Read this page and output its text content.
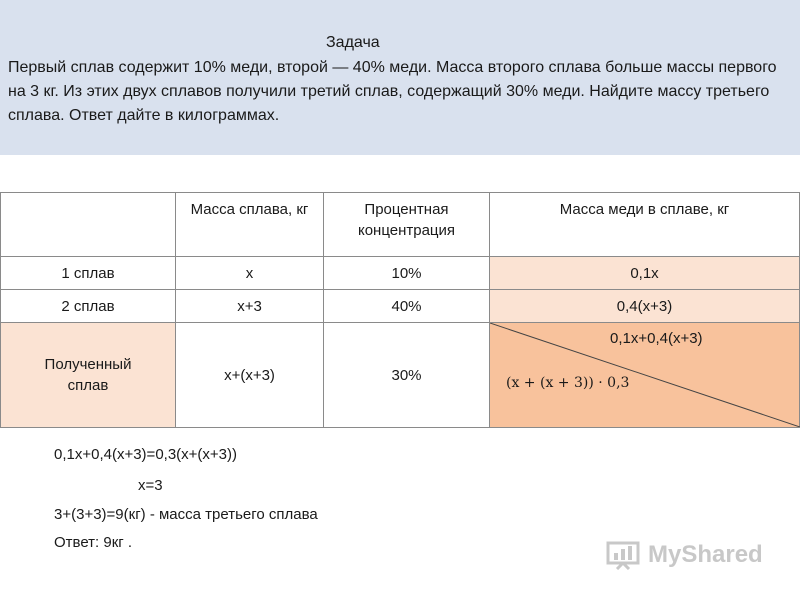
Задача
Первый сплав содержит 10% меди, второй — 40% меди. Масса второго сплава больше массы первого на 3 кг. Из этих двух сплавов получили третий сплав, содержащий 30% меди. Найдите массу третьего сплава. Ответ дайте в килограммах.
	Масса сплава, кг	Процентная концентрация	Масса меди в сплаве, кг
1 сплав	x	10%	0,1x
2 сплав	x+3	40%	0,4(x+3)

Полученный сплав	x+(x+3)	30%	0,1x+0,4(x+3)
(x + (x + 3)) · 0,3
0,1x+0,4(x+3)=0,3(x+(x+3))
x=3
3+(3+3)=9(кг) - масса третьего сплава
Ответ: 9кг .	MyShared
